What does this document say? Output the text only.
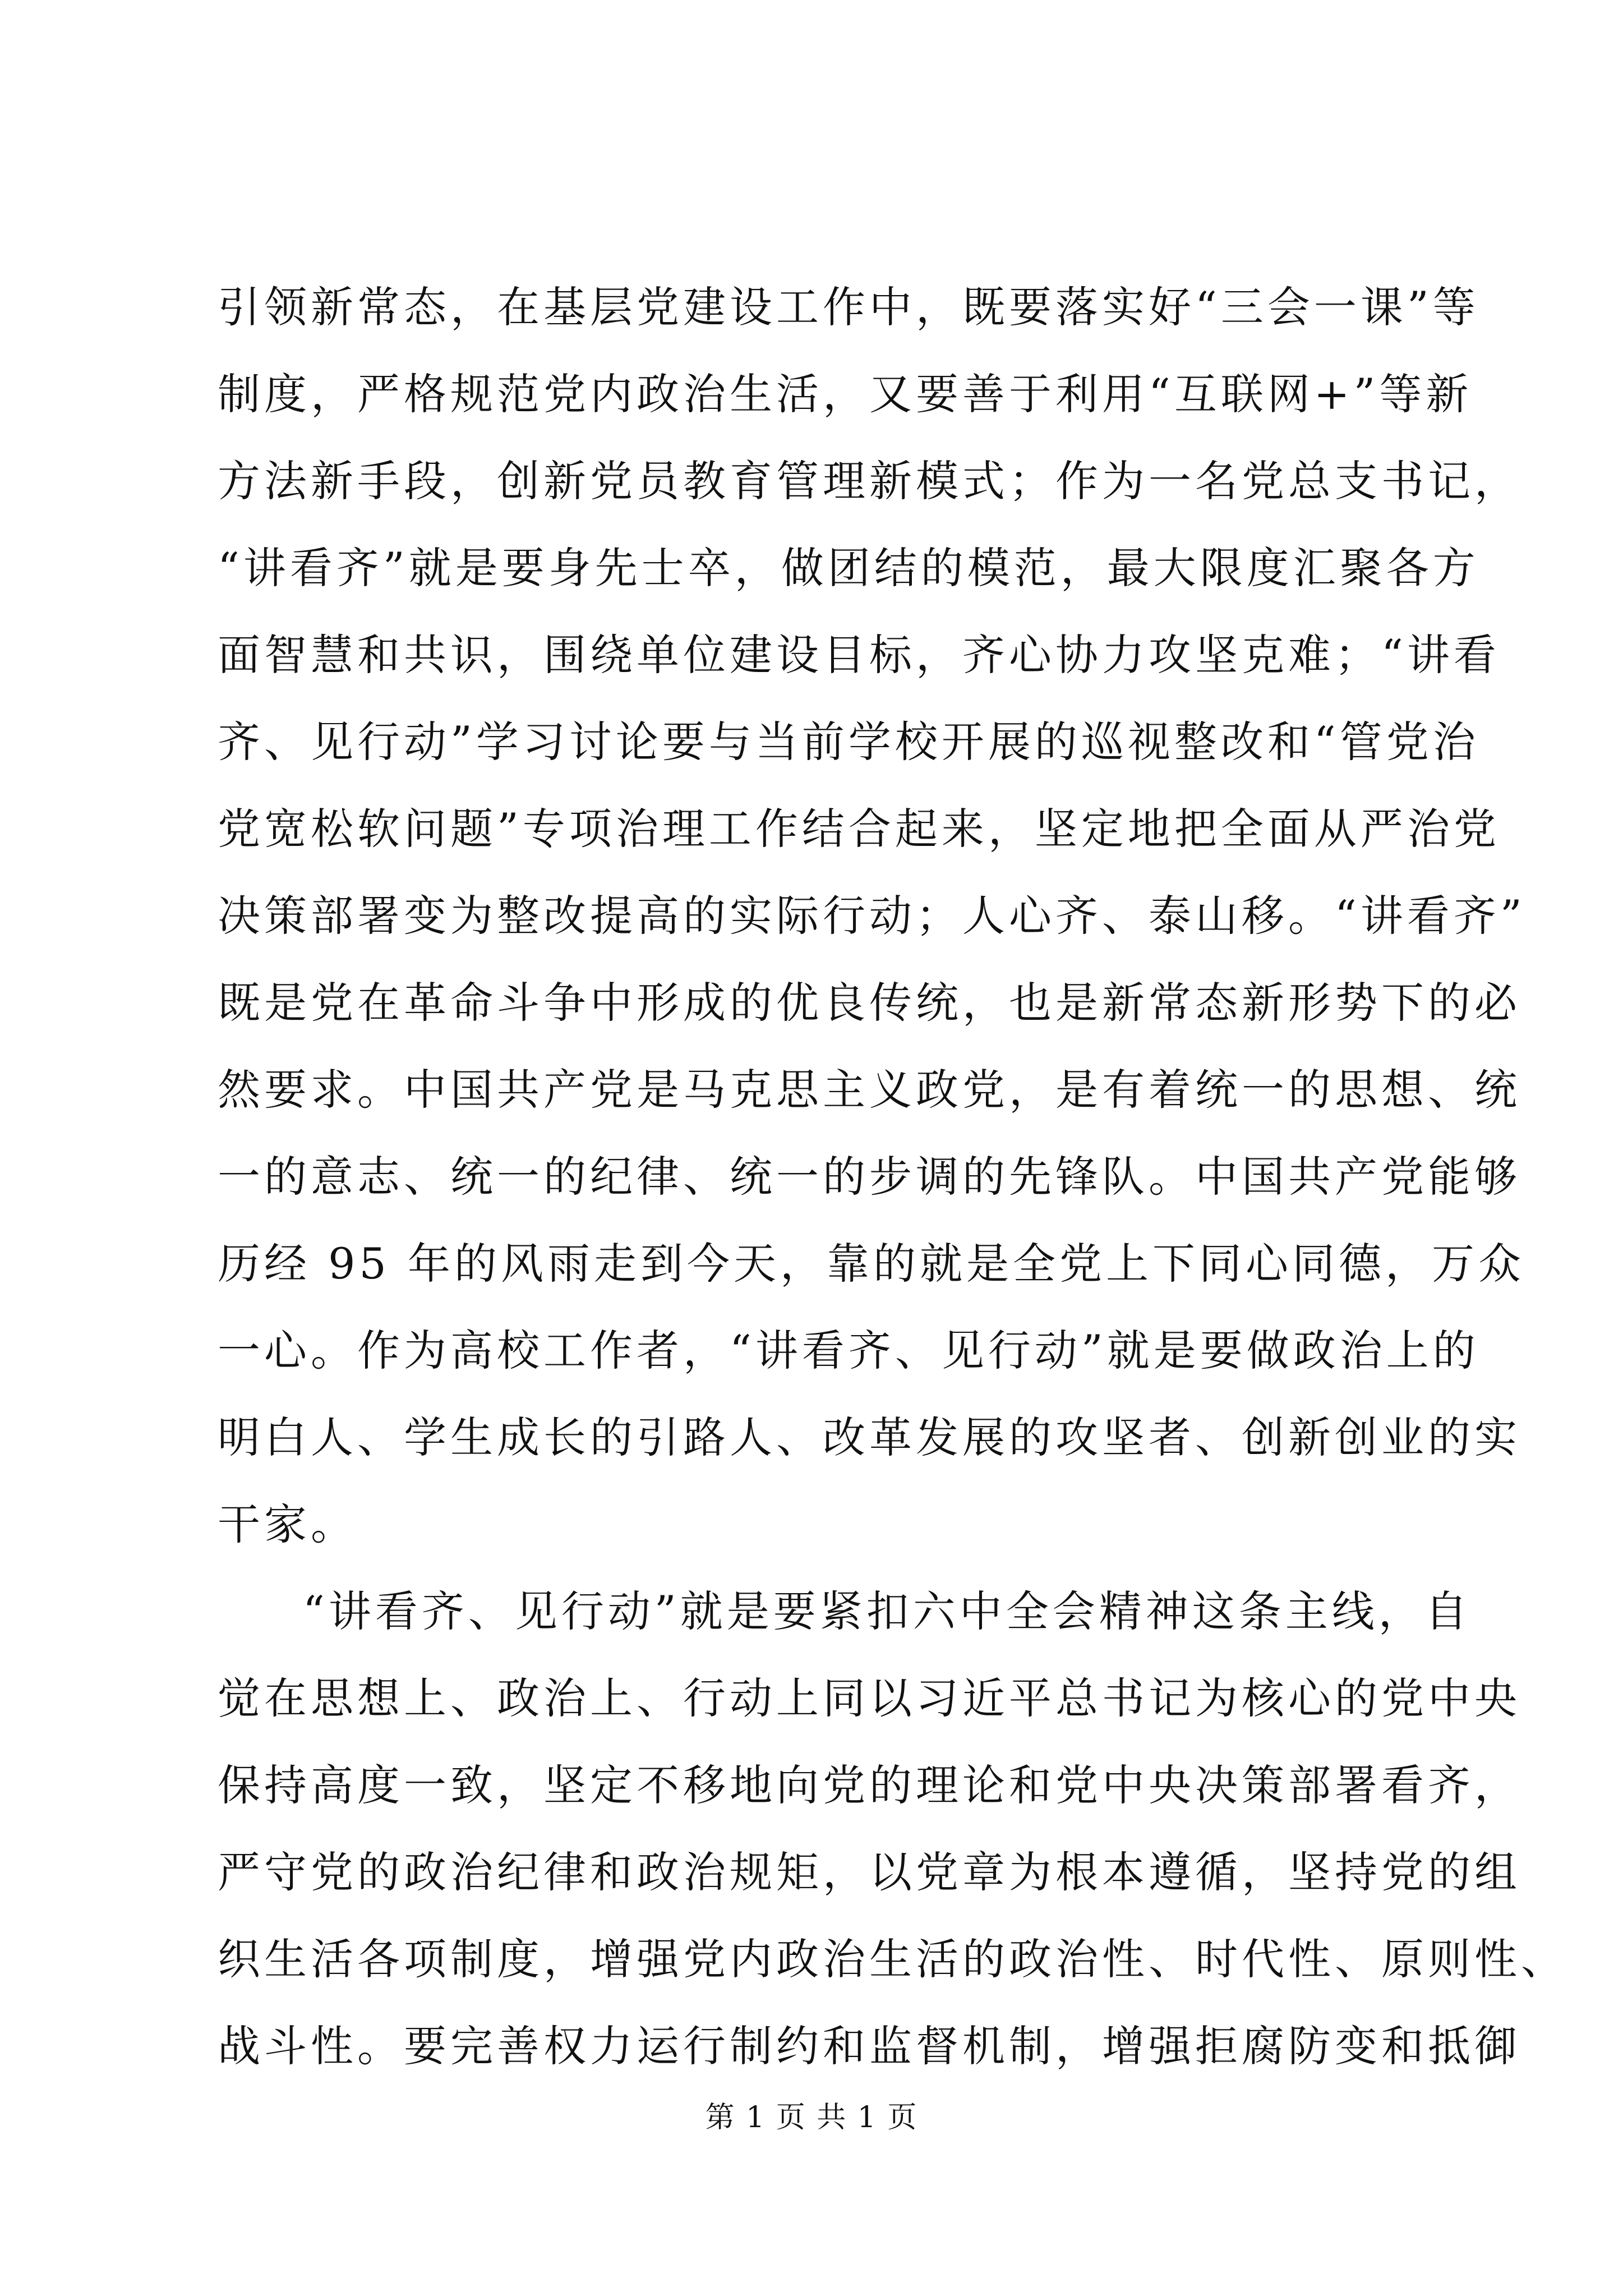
引领新常态，在基层党建设工作中，既要落实好“三会一课”等
制度，严格规范党内政治生活，又要善于利用“互联网+”等新
方法新手段，创新党员教育管理新模式；作为一名党总支书记，
“讲看齐”就是要身先士卒，做团结的模范，最大限度汇聚各方
面智慧和共识，围绕单位建设目标，齐心协力攻坚克难；“讲看
齐、见行动”学习讨论要与当前学校开展的巡视整改和“管党治
党宽松软问题”专项治理工作结合起来，坚定地把全面从严治党
决策部署变为整改提高的实际行动；人心齐、泰山移。“讲看齐”
既是党在革命斗争中形成的优良传统，也是新常态新形势下的必
然要求。中国共产党是马克思主义政党，是有着统一的思想、统
一的意志、统一的纪律、统一的步调的先锋队。中国共产党能够
历经 95 年的风雨走到今天，靠的就是全党上下同心同德，万众
一心。作为高校工作者，“讲看齐、见行动”就是要做政治上的
明白人、学生成长的引路人、改革发展的攻坚者、创新创业的实
干家。
“讲看齐、见行动”就是要紧扣六中全会精神这条主线，自
觉在思想上、政治上、行动上同以习近平总书记为核心的党中央
保持高度一致，坚定不移地向党的理论和党中央决策部署看齐，
严守党的政治纪律和政治规矩，以党章为根本遵循，坚持党的组
织生活各项制度，增强党内政治生活的政治性、时代性、原则性、
战斗性。要完善权力运行制约和监督机制，增强拒腐防变和抵御
第 1 页 共 1 页
